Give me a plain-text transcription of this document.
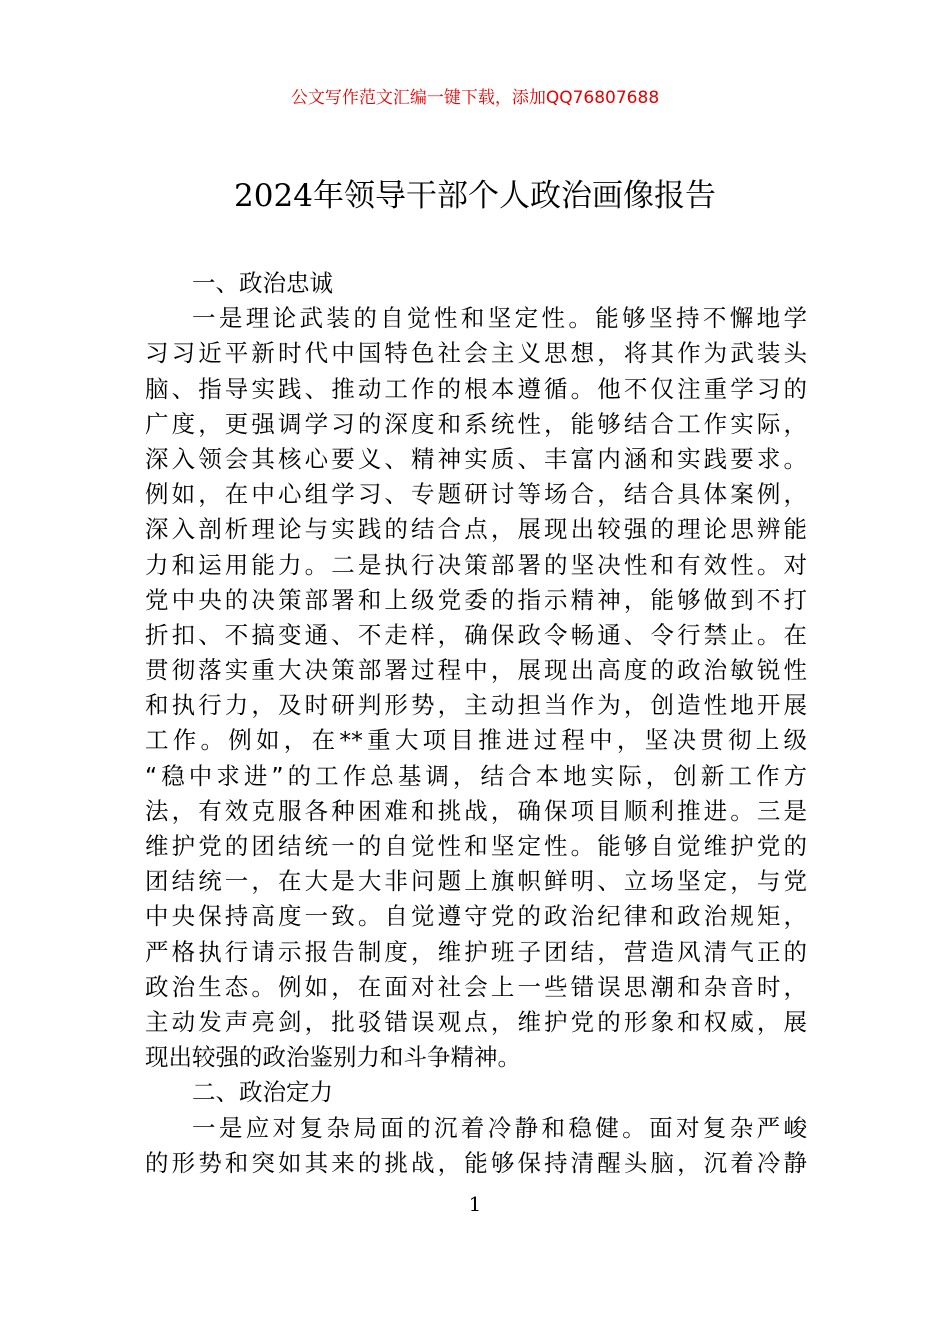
公文写作范文汇编一键下载，添加QQ76807688
2024年领导干部个人政治画像报告
一、政治忠诚
一是理论武装的自觉性和坚定性。能够坚持不懈地学
习习近平新时代中国特色社会主义思想，将其作为武装头
脑、指导实践、推动工作的根本遵循。他不仅注重学习的
广度，更强调学习的深度和系统性，能够结合工作实际，
深入领会其核心要义、精神实质、丰富内涵和实践要求。
例如，在中心组学习、专题研讨等场合，结合具体案例，
深入剖析理论与实践的结合点，展现出较强的理论思辨能
力和运用能力。二是执行决策部署的坚决性和有效性。对
党中央的决策部署和上级党委的指示精神，能够做到不打
折扣、不搞变通、不走样，确保政令畅通、令行禁止。在
贯彻落实重大决策部署过程中，展现出高度的政治敏锐性
和执行力，及时研判形势，主动担当作为，创造性地开展
工作。例如，在**重大项目推进过程中，坚决贯彻上级
“稳中求进”的工作总基调，结合本地实际，创新工作方
法，有效克服各种困难和挑战，确保项目顺利推进。三是
维护党的团结统一的自觉性和坚定性。能够自觉维护党的
团结统一，在大是大非问题上旗帜鲜明、立场坚定，与党
中央保持高度一致。自觉遵守党的政治纪律和政治规矩，
严格执行请示报告制度，维护班子团结，营造风清气正的
政治生态。例如，在面对社会上一些错误思潮和杂音时，
主动发声亮剑，批驳错误观点，维护党的形象和权威，展
现出较强的政治鉴别力和斗争精神。
二、政治定力
一是应对复杂局面的沉着冷静和稳健。面对复杂严峻
的形势和突如其来的挑战，能够保持清醒头脑，沉着冷静
1
